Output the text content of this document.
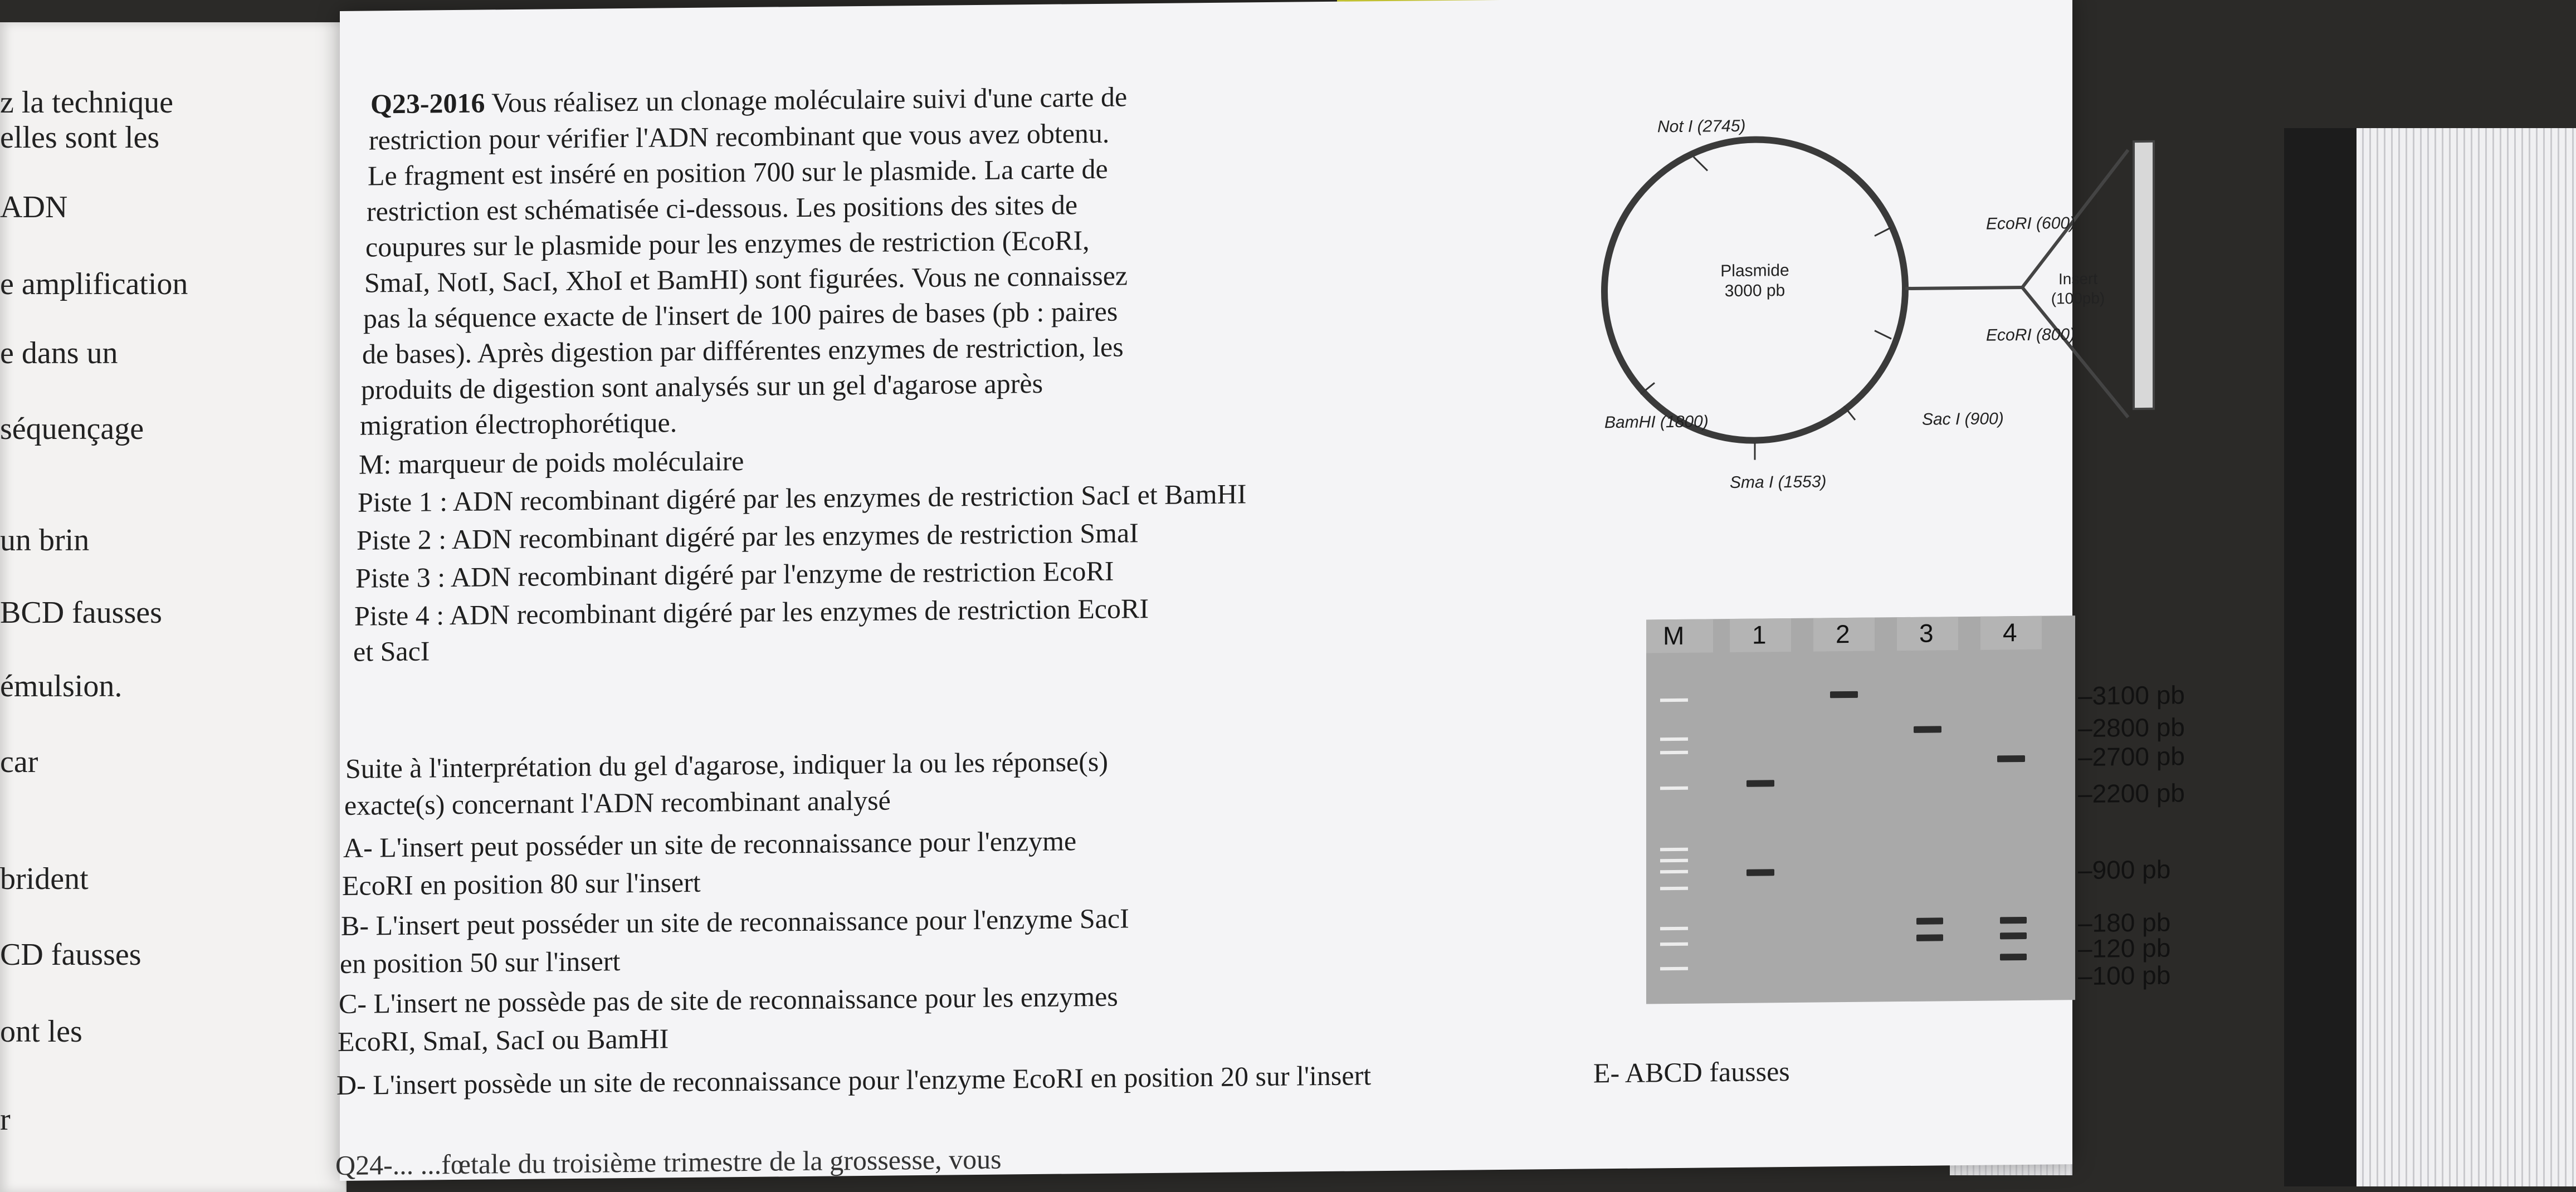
z la technique
elles sont les
ADN
e amplification
e dans un
séquençage
un brin
BCD fausses
émulsion.
car
brident
CD fausses
ont les
r
Q23-2016 Vous réalisez un clonage moléculaire suivi d'une carte de
restriction pour vérifier l'ADN recombinant que vous avez obtenu.
Le fragment est inséré en position 700 sur le plasmide. La carte de
restriction est schématisée ci-dessous. Les positions des sites de
coupures sur le plasmide pour les enzymes de restriction (EcoRI,
SmaI, NotI, SacI, XhoI et BamHI) sont figurées. Vous ne connaissez
pas la séquence exacte de l'insert de 100 paires de bases (pb : paires
de bases). Après digestion par différentes enzymes de restriction, les
produits de digestion sont analysés sur un gel d'agarose après
migration électrophorétique.
M: marqueur de poids moléculaire
Piste 1 : ADN recombinant digéré par les enzymes de restriction SacI et BamHI
Piste 2 : ADN recombinant digéré par les enzymes de restriction SmaI
Piste 3 : ADN recombinant digéré par l'enzyme de restriction EcoRI
Piste 4 : ADN recombinant digéré par les enzymes de restriction EcoRI
et SacI
Suite à l'interprétation du gel d'agarose, indiquer la ou les réponse(s)
exacte(s) concernant l'ADN recombinant analysé
A- L'insert peut posséder un site de reconnaissance pour l'enzyme
EcoRI en position 80 sur l'insert
B- L'insert peut posséder un site de reconnaissance pour l'enzyme SacI
en position 50 sur l'insert
C- L'insert ne possède pas de site de reconnaissance pour les enzymes
EcoRI, SmaI, SacI ou BamHI
D- L'insert possède un site de reconnaissance pour l'enzyme EcoRI en position 20 sur l'insert	E- ABCD fausses
Q24-... ...fœtale du troisième trimestre de la grossesse, vous
Plasmide
3000 pb
Not I (2745)
EcoRI (600)
EcoRI (800)
BamHI (1800)	Sac I (900)
Sma I (1553)
Insert
(100pb)
M	1	2	3	4
–3100 pb
–2800 pb
–2700 pb
–2200 pb
–900 pb
–180 pb
–120 pb
–100 pb
